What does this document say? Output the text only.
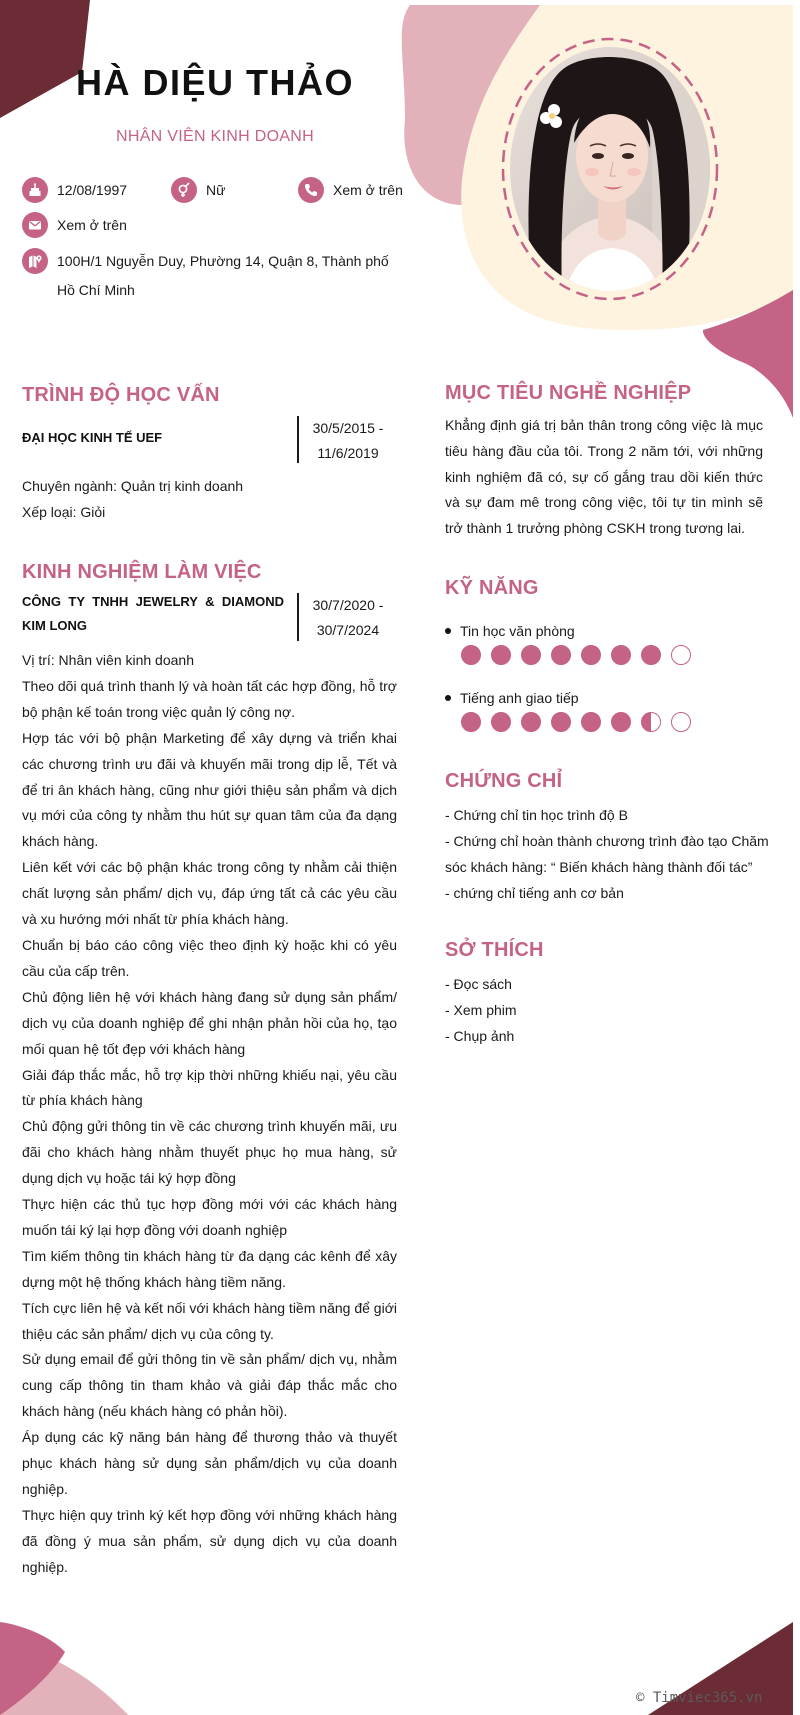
HÀ DIỆU THẢO
NHÂN VIÊN KINH DOANH
12/08/1997	Nữ	Xem ở trên
Xem ở trên
100H/1 Nguyễn Duy, Phường 14, Quận 8, Thành phố
Hồ Chí Minh
TRÌNH ĐỘ HỌC VẤN
ĐẠI HỌC KINH TẾ UEF
30/5/2015 -
11/6/2019
Chuyên ngành: Quản trị kinh doanh
Xếp loại: Giỏi
KINH NGHIỆM LÀM VIỆC
CÔNG TY TNHH JEWELRY & DIAMOND KIM LONG
30/7/2020 -
30/7/2024

Vị trí: Nhân viên kinh doanh

Theo dõi quá trình thanh lý và hoàn tất các hợp đồng, hỗ trợ bộ phận kế toán trong việc quản lý công nợ.

Hợp tác với bộ phận Marketing để xây dựng và triển khai các chương trình ưu đãi và khuyến mãi trong dịp lễ, Tết và để tri ân khách hàng, cũng như giới thiệu sản phẩm và dịch vụ mới của công ty nhằm thu hút sự quan tâm của đa dạng khách hàng.

Liên kết với các bộ phận khác trong công ty nhằm cải thiện chất lượng sản phẩm/ dịch vụ, đáp ứng tất cả các yêu cầu và xu hướng mới nhất từ phía khách hàng.

Chuẩn bị báo cáo công việc theo định kỳ hoặc khi có yêu cầu của cấp trên.

Chủ động liên hệ với khách hàng đang sử dụng sản phẩm/ dịch vụ của doanh nghiệp để ghi nhận phản hồi của họ, tạo mối quan hệ tốt đẹp với khách hàng

Giải đáp thắc mắc, hỗ trợ kịp thời những khiếu nại, yêu cầu từ phía khách hàng

Chủ động gửi thông tin về các chương trình khuyến mãi, ưu đãi cho khách hàng nhằm thuyết phục họ mua hàng, sử dụng dịch vụ hoặc tái ký hợp đồng

Thực hiện các thủ tục hợp đồng mới với các khách hàng muốn tái ký lại hợp đồng với doanh nghiệp

Tìm kiếm thông tin khách hàng từ đa dạng các kênh để xây dựng một hệ thống khách hàng tiềm năng.

Tích cực liên hệ và kết nối với khách hàng tiềm năng để giới thiệu các sản phẩm/ dịch vụ của công ty.

Sử dụng email để gửi thông tin về sản phẩm/ dịch vụ, nhằm cung cấp thông tin tham khảo và giải đáp thắc mắc cho khách hàng (nếu khách hàng có phản hồi).

Áp dụng các kỹ năng bán hàng để thương thảo và thuyết phục khách hàng sử dụng sản phẩm/dịch vụ của doanh nghiệp.

Thực hiện quy trình ký kết hợp đồng với những khách hàng đã đồng ý mua sản phẩm, sử dụng dịch vụ của doanh nghiệp.

MỤC TIÊU NGHỀ NGHIỆP

Khẳng định giá trị bản thân trong công việc là mục tiêu hàng đầu của tôi. Trong 2 năm tới, với những kinh nghiệm đã có, sự cố gắng trau dồi kiến thức và sự đam mê trong công việc, tôi tự tin mình sẽ trở thành 1 trưởng phòng CSKH trong tương lai.

KỸ NĂNG
Tin học văn phòng
Tiếng anh giao tiếp
CHỨNG CHỈ
- Chứng chỉ tin học trình độ B
- Chứng chỉ hoàn thành chương trình đào tạo Chăm
sóc khách hàng: “ Biến khách hàng thành đối tác”
- chứng chỉ tiếng anh cơ bản
SỞ THÍCH
- Đọc sách
- Xem phim
- Chụp ảnh
© Timviec365.vn
